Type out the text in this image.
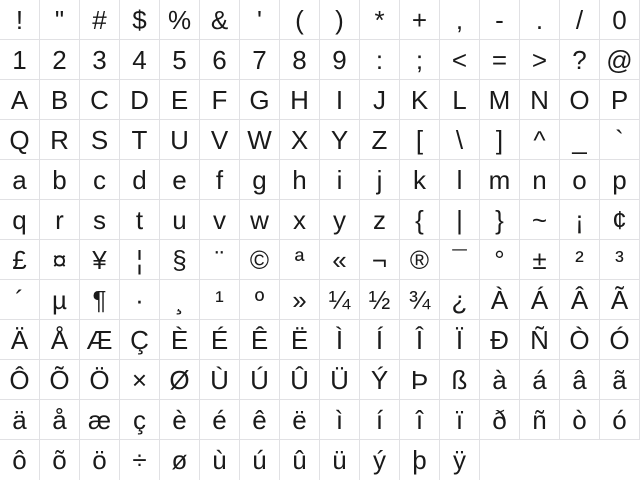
! " # $ % & ' ( ) * + , - . / 0
1 2 3 4 5 6 7 8 9 : ; < = > ? @
A B C D E F G H I J K L M N O P
Q R S T U V W X Y Z [ \ ] ^ _ `
a b c d e f g h i j k l m n o p
q r s t u v w x y z { | } ~ ¡ ¢
£ ¤ ¥ ¦ § ¨ © ª « ¬ ® ¯ ° ± ² ³
´ µ ¶ · ¸ ¹ º » ¼ ½ ¾ ¿ À Á Â Ã
Ä Å Æ Ç È É Ê Ë Ì Í Î Ï Ð Ñ Ò Ó
Ô Õ Ö × Ø Ù Ú Û Ü Ý Þ ß à á â ã
ä å æ ç è é ê ë ì í î ï ð ñ ò ó
ô õ ö ÷ ø ù ú û ü ý þ ÿ
